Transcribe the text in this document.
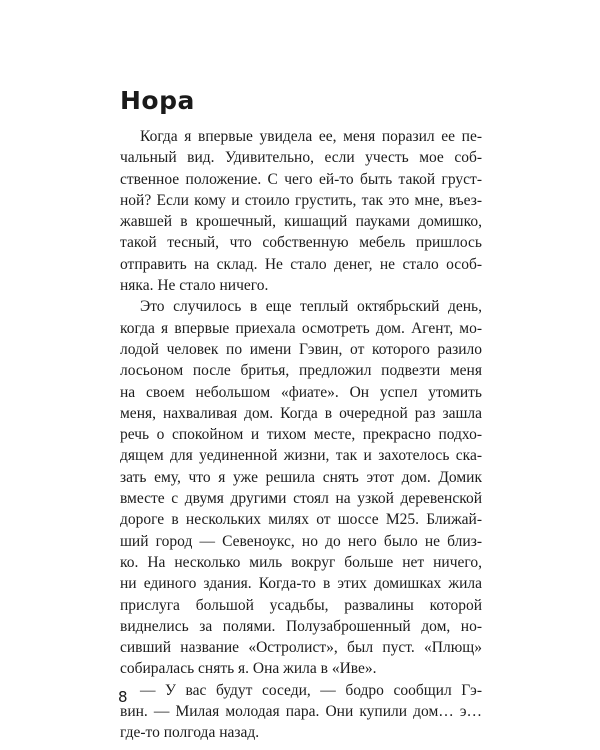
Нора

Когда я впервые увидела ее, меня поразил ее пе-
чальный вид. Удивительно, если учесть мое соб-
ственное положение. С чего ей-то быть такой груст-
ной? Если кому и стоило грустить, так это мне, въез-
жавшей в крошечный, кишащий пауками домишко,
такой тесный, что собственную мебель пришлось
отправить на склад. Не стало денег, не стало особ-
няка. Не стало ничего.

Это случилось в еще теплый октябрьский день,
когда я впервые приехала осмотреть дом. Агент, мо-
лодой человек по имени Гэвин, от которого разило
лосьоном после бритья, предложил подвезти меня
на своем небольшом «фиате». Он успел утомить
меня, нахваливая дом. Когда в очередной раз зашла
речь о спокойном и тихом месте, прекрасно подхо-
дящем для уединенной жизни, так и захотелось ска-
зать ему, что я уже решила снять этот дом. Домик
вместе с двумя другими стоял на узкой деревенской
дороге в нескольких милях от шоссе М25. Ближай-
ший город — Севеноукс, но до него было не близ-
ко. На несколько миль вокруг больше нет ничего,
ни единого здания. Когда-то в этих домишках жила
прислуга большой усадьбы, развалины которой
виднелись за полями. Полузаброшенный дом, но-
сивший название «Остролист», был пуст. «Плющ»
собиралась снять я. Она жила в «Иве».

— У вас будут соседи, — бодро сообщил Гэ-
вин. — Милая молодая пара. Они купили дом… э…
где-то полгода назад.

8
